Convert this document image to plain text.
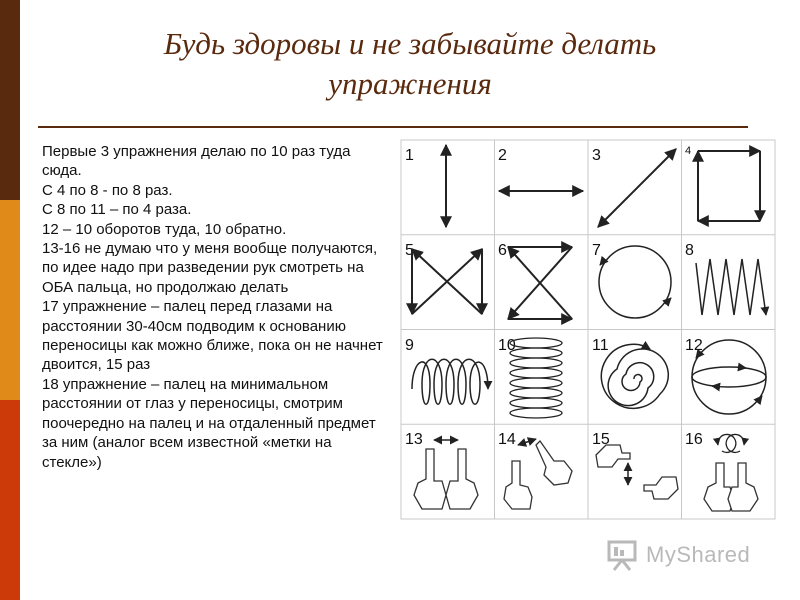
Будь здоровы и не забывайте делать
упражнения

Первые 3 упражнения делаю по 10 раз туда сюда.

С 4 по 8 - по 8 раз.

С 8 по 11 – по 4 раза.

12 – 10 оборотов туда, 10 обратно.

13-16 не думаю что у меня вообще получаются, по идее надо при разведении рук смотреть на ОБА пальца, но продолжаю делать

17 упражнение – палец перед глазами на расстоянии 30-40см подводим к основанию переносицы как можно ближе, пока он не начнет двоится, 15 раз

18 упражнение – палец на минимальном расстоянии от глаз у переносицы, смотрим поочередно на палец и на отдаленный предмет за ним (аналог всем известной «метки на стекле»)

1	2	3	4
5	6	7	8
9	10	11	12
13	14	15	16
MyShared
